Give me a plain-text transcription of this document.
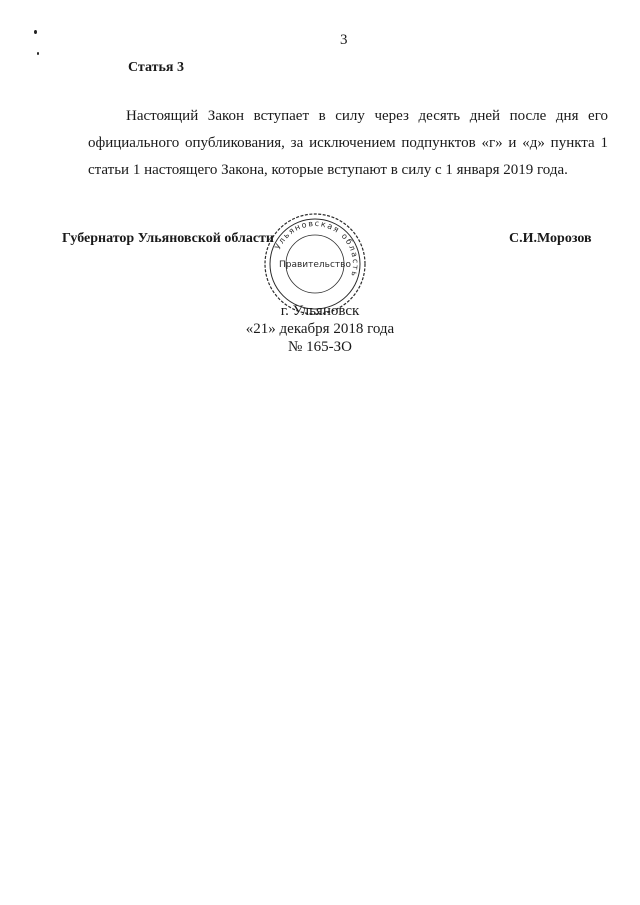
3
Статья 3
Настоящий Закон вступает в силу через десять дней после дня его
официального опубликования, за исключением подпунктов «г» и «д» пункта 1 статьи 1 настоящего Закона, которые вступают в силу с 1 января 2019 года.
Губернатор Ульяновской области
Ульяновская область
Правительство
С.И.Морозов
г. Ульяновск
«21» декабря 2018 года
№ 165-ЗО
